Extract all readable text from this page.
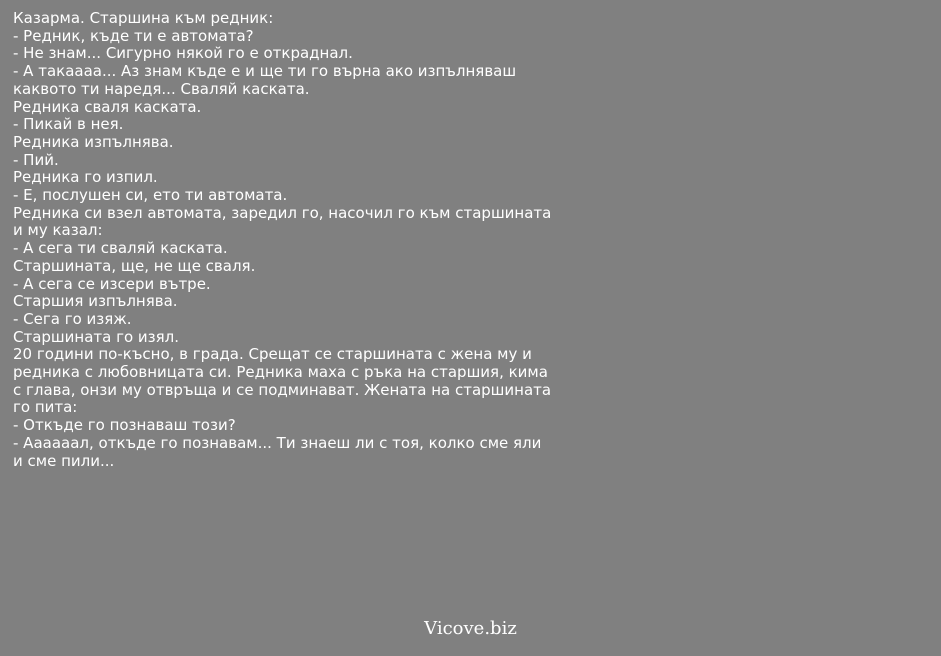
Казарма. Старшина към редник:
- Редник, къде ти е автомата?
- Не знам... Сигурно някой го е откраднал.
- А такаааа... Аз знам къде е и ще ти го върна ако изпълняваш
каквото ти наредя... Сваляй каската.
Редника сваля каската.
- Пикай в нея.
Редника изпълнява.
- Пий.
Редника го изпил.
- Е, послушен си, ето ти автомата.
Редника си взел автомата, заредил го, насочил го към старшината
и му казал:
- А сега ти сваляй каската.
Старшината, ще, не ще сваля.
- А сега се изсери вътре.
Старшия изпълнява.
- Сега го изяж.
Старшината го изял.
20 години по-късно, в града. Срещат се старшината с жена му и
редника с любовницата си. Редника маха с ръка на старшия, кима
с глава, онзи му отвръща и се подминават. Жената на старшината
го пита:
- Откъде го познаваш този?
- Аааааал, откъде го познавам... Ти знаеш ли с тоя, колко сме яли
и сме пили...
Vicove.biz
